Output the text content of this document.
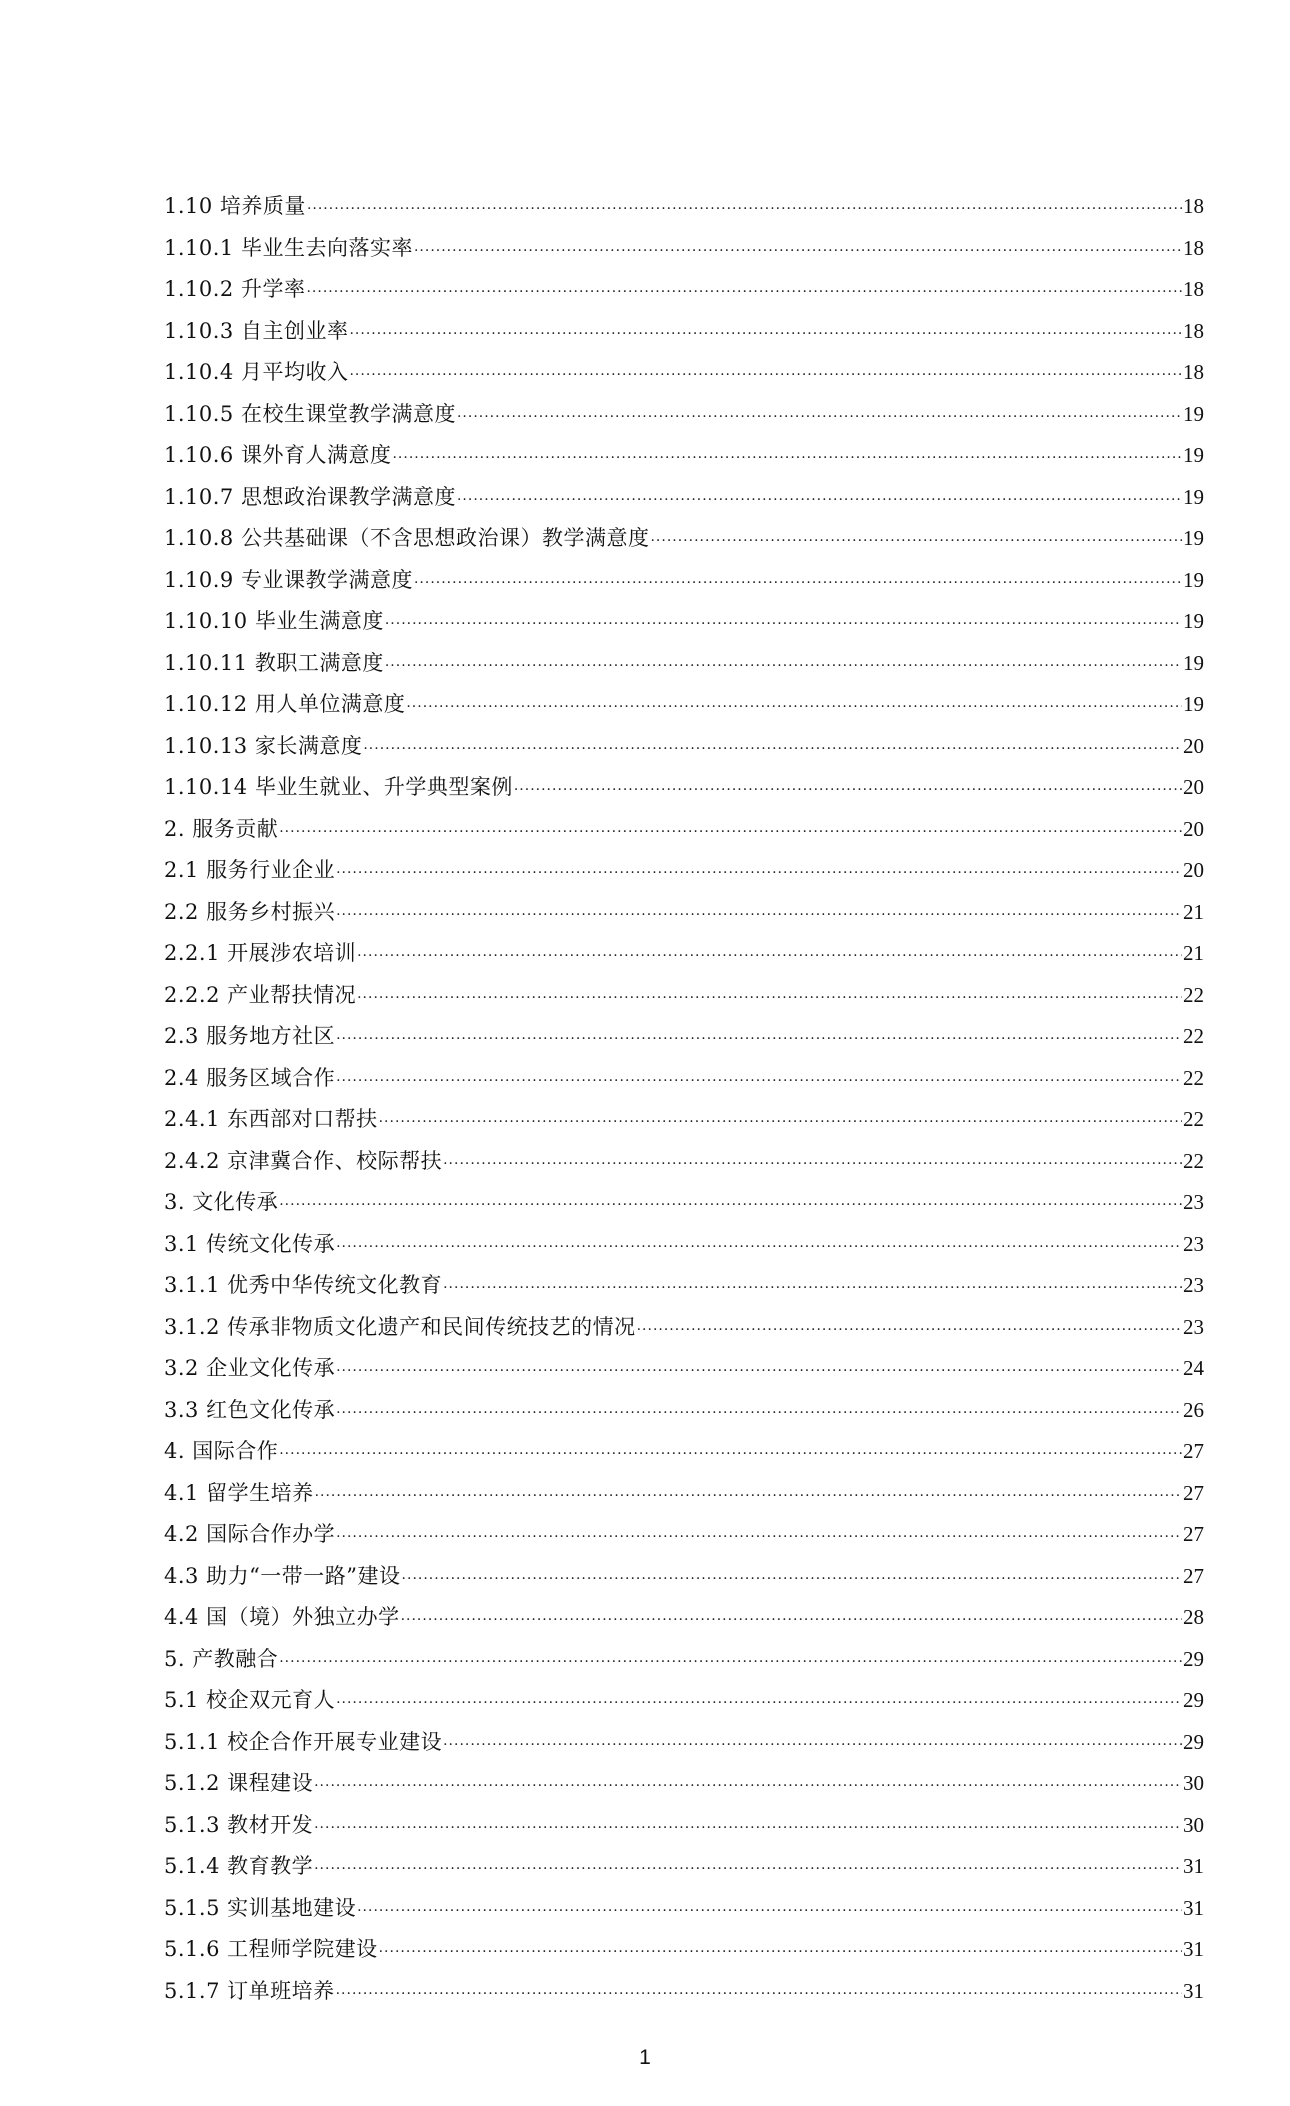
1.10 培养质量 ·····	18
1.10.1 毕业生去向落实率 ·····	18
1.10.2 升学率 ·····	18
1.10.3 自主创业率 ·····	18
1.10.4 月平均收入 ·····	18
1.10.5 在校生课堂教学满意度 ·····	19
1.10.6 课外育人满意度 ·····	19
1.10.7 思想政治课教学满意度 ·····	19
1.10.8 公共基础课（不含思想政治课）教学满意度 ·····	19
1.10.9 专业课教学满意度 ·····	19
1.10.10 毕业生满意度 ·····	19
1.10.11 教职工满意度 ·····	19
1.10.12 用人单位满意度 ·····	19
1.10.13 家长满意度 ·····	20
1.10.14 毕业生就业、升学典型案例 ·····	20
2. 服务贡献 ·····	20
2.1 服务行业企业 ·····	20
2.2 服务乡村振兴 ·····	21
2.2.1 开展涉农培训 ·····	21
2.2.2 产业帮扶情况 ·····	22
2.3 服务地方社区 ·····	22
2.4 服务区域合作 ·····	22
2.4.1 东西部对口帮扶 ·····	22
2.4.2 京津冀合作、校际帮扶 ·····	22
3. 文化传承 ·····	23
3.1 传统文化传承 ·····	23
3.1.1 优秀中华传统文化教育 ·····	23
3.1.2 传承非物质文化遗产和民间传统技艺的情况 ·····	23
3.2 企业文化传承 ·····	24
3.3 红色文化传承 ·····	26
4. 国际合作 ·····	27
4.1 留学生培养 ·····	27
4.2 国际合作办学 ·····	27
4.3 助力“一带一路”建设 ·····	27
4.4 国（境）外独立办学 ·····	28
5. 产教融合 ·····	29
5.1 校企双元育人 ·····	29
5.1.1 校企合作开展专业建设 ·····	29
5.1.2 课程建设 ·····	30
5.1.3 教材开发 ·····	30
5.1.4 教育教学 ·····	31
5.1.5 实训基地建设 ·····	31
5.1.6 工程师学院建设 ·····	31
5.1.7 订单班培养 ·····	31
1
